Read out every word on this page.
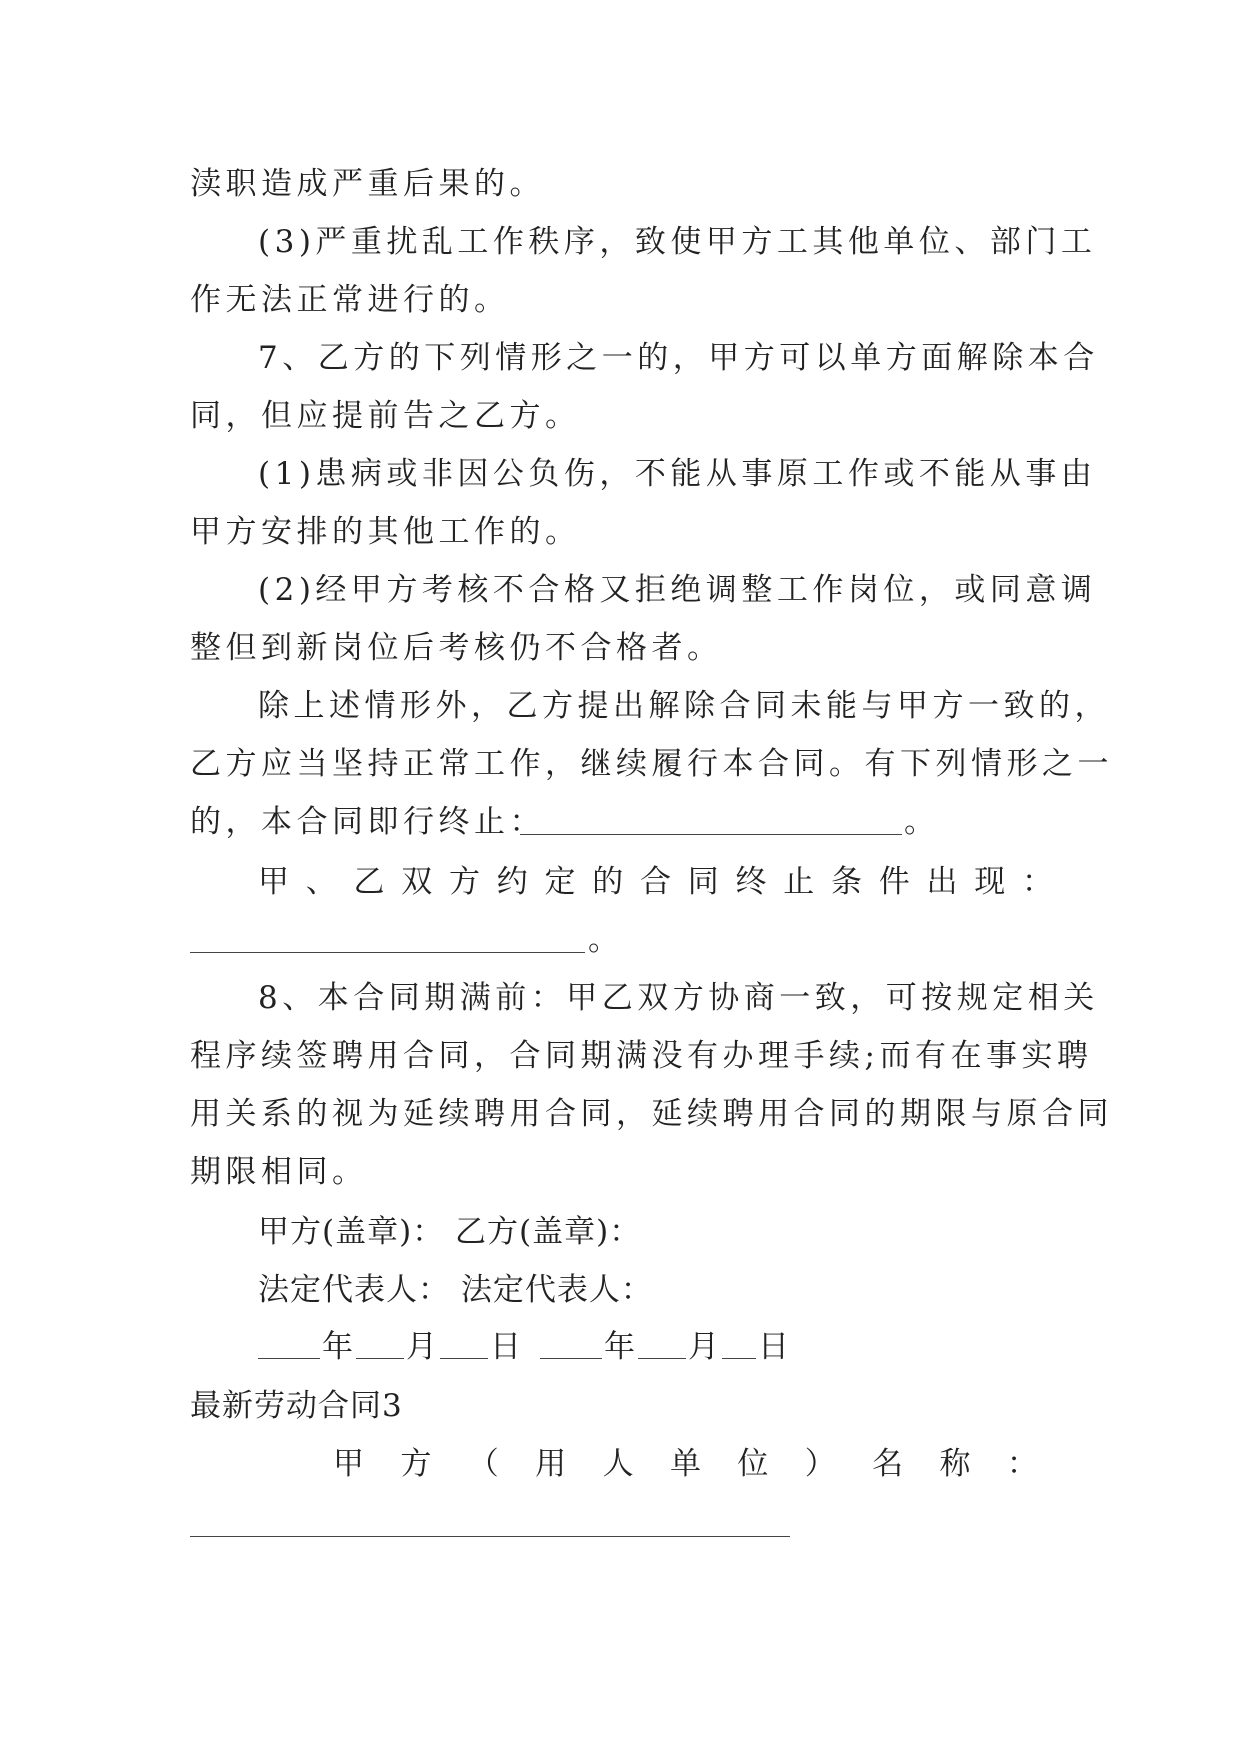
渎职造成严重后果的。
(3)严重扰乱工作秩序，致使甲方工其他单位、部门工
作无法正常进行的。
7、乙方的下列情形之一的，甲方可以单方面解除本合
同，但应提前告之乙方。
(1)患病或非因公负伤，不能从事原工作或不能从事由
甲方安排的其他工作的。
(2)经甲方考核不合格又拒绝调整工作岗位，或同意调
整但到新岗位后考核仍不合格者。
除上述情形外，乙方提出解除合同未能与甲方一致的，
乙方应当坚持正常工作，继续履行本合同。有下列情形之一
的，本合同即行终止：	。
甲 、 乙 双 方 约 定 的 合 同 终 止 条 件 出 现 ：
。
8、本合同期满前：甲乙双方协商一致，可按规定相关
程序续签聘用合同，合同期满没有办理手续;而有在事实聘
用关系的视为延续聘用合同，延续聘用合同的期限与原合同
期限相同。
甲方(盖章)： 乙方(盖章)：
法定代表人： 法定代表人：
年 月 日	年 月 日
最新劳动合同3
甲 方 （ 用 人 单 位 ） 名 称 ：
